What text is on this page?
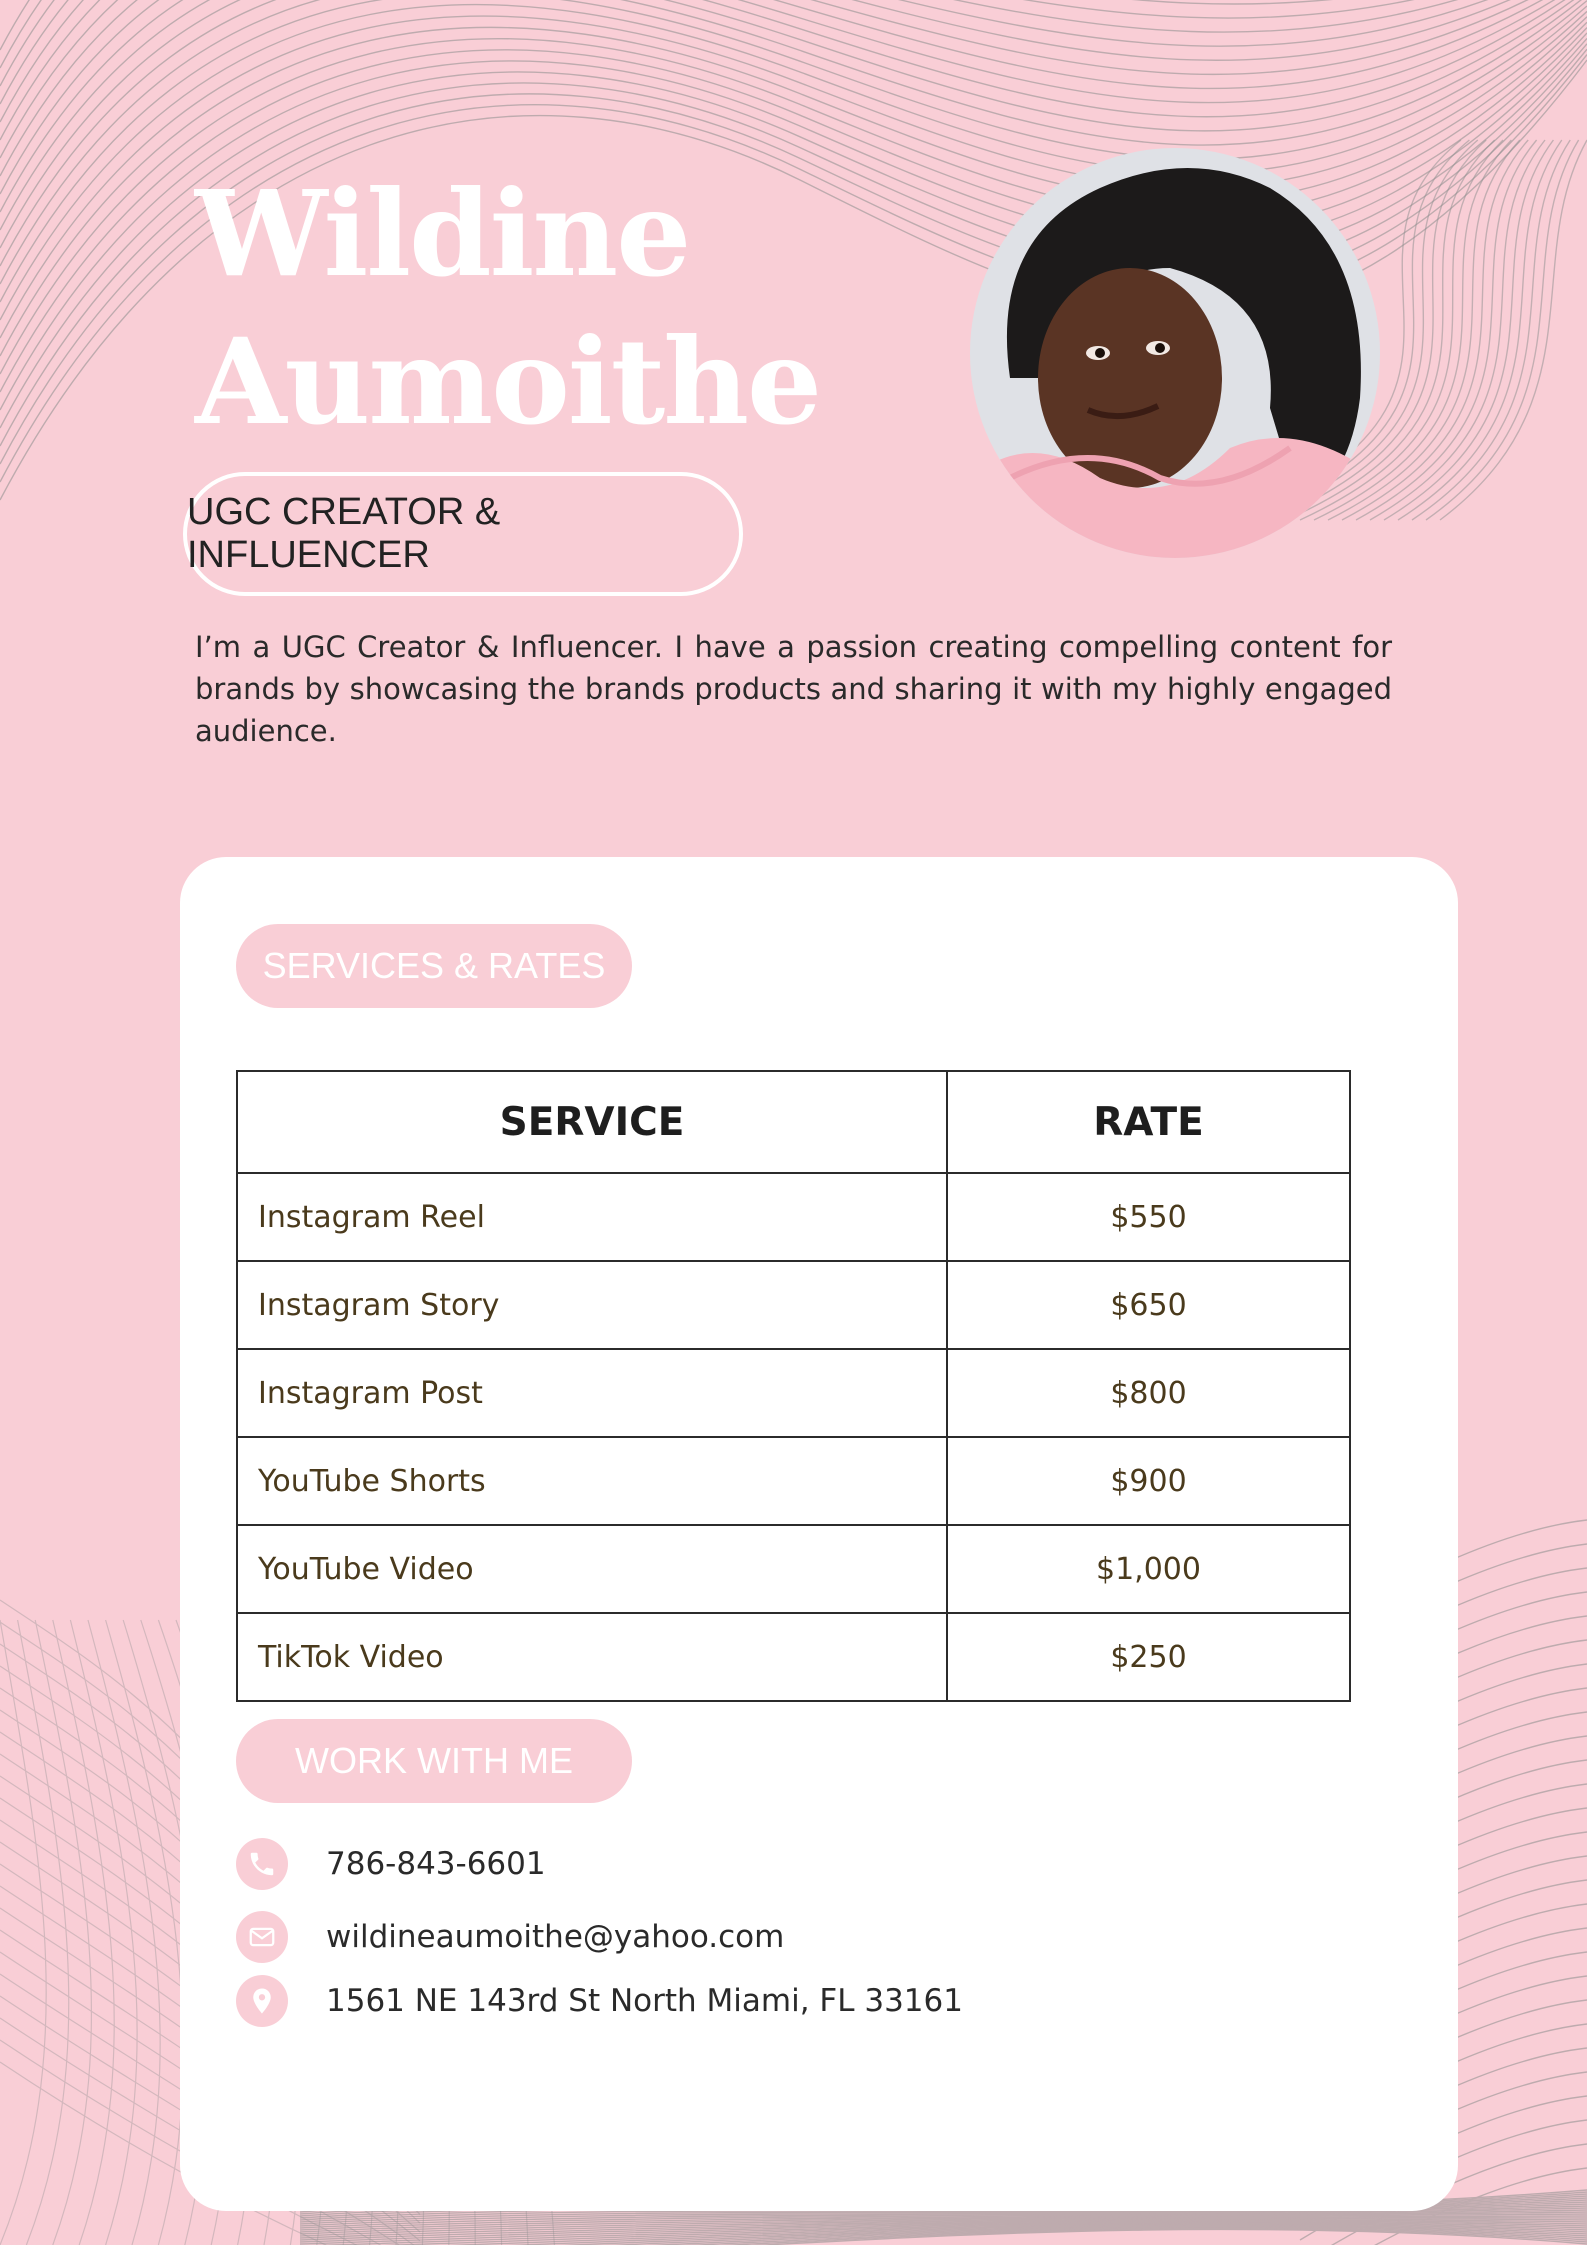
Wildine
Aumoithe
UGC CREATOR & INFLUENCER

I’m a UGC Creator & Influencer. I have a passion creating compelling content for brands by showcasing the brands products and sharing it with my highly engaged audience.

SERVICES & RATES
SERVICE	RATE
Instagram Reel	$550
Instagram Story	$650
Instagram Post	$800
YouTube Shorts	$900
YouTube Video	$1,000
TikTok Video	$250
WORK WITH ME
786-843-6601
wildineaumoithe@yahoo.com
1561 NE 143rd St North Miami, FL 33161
